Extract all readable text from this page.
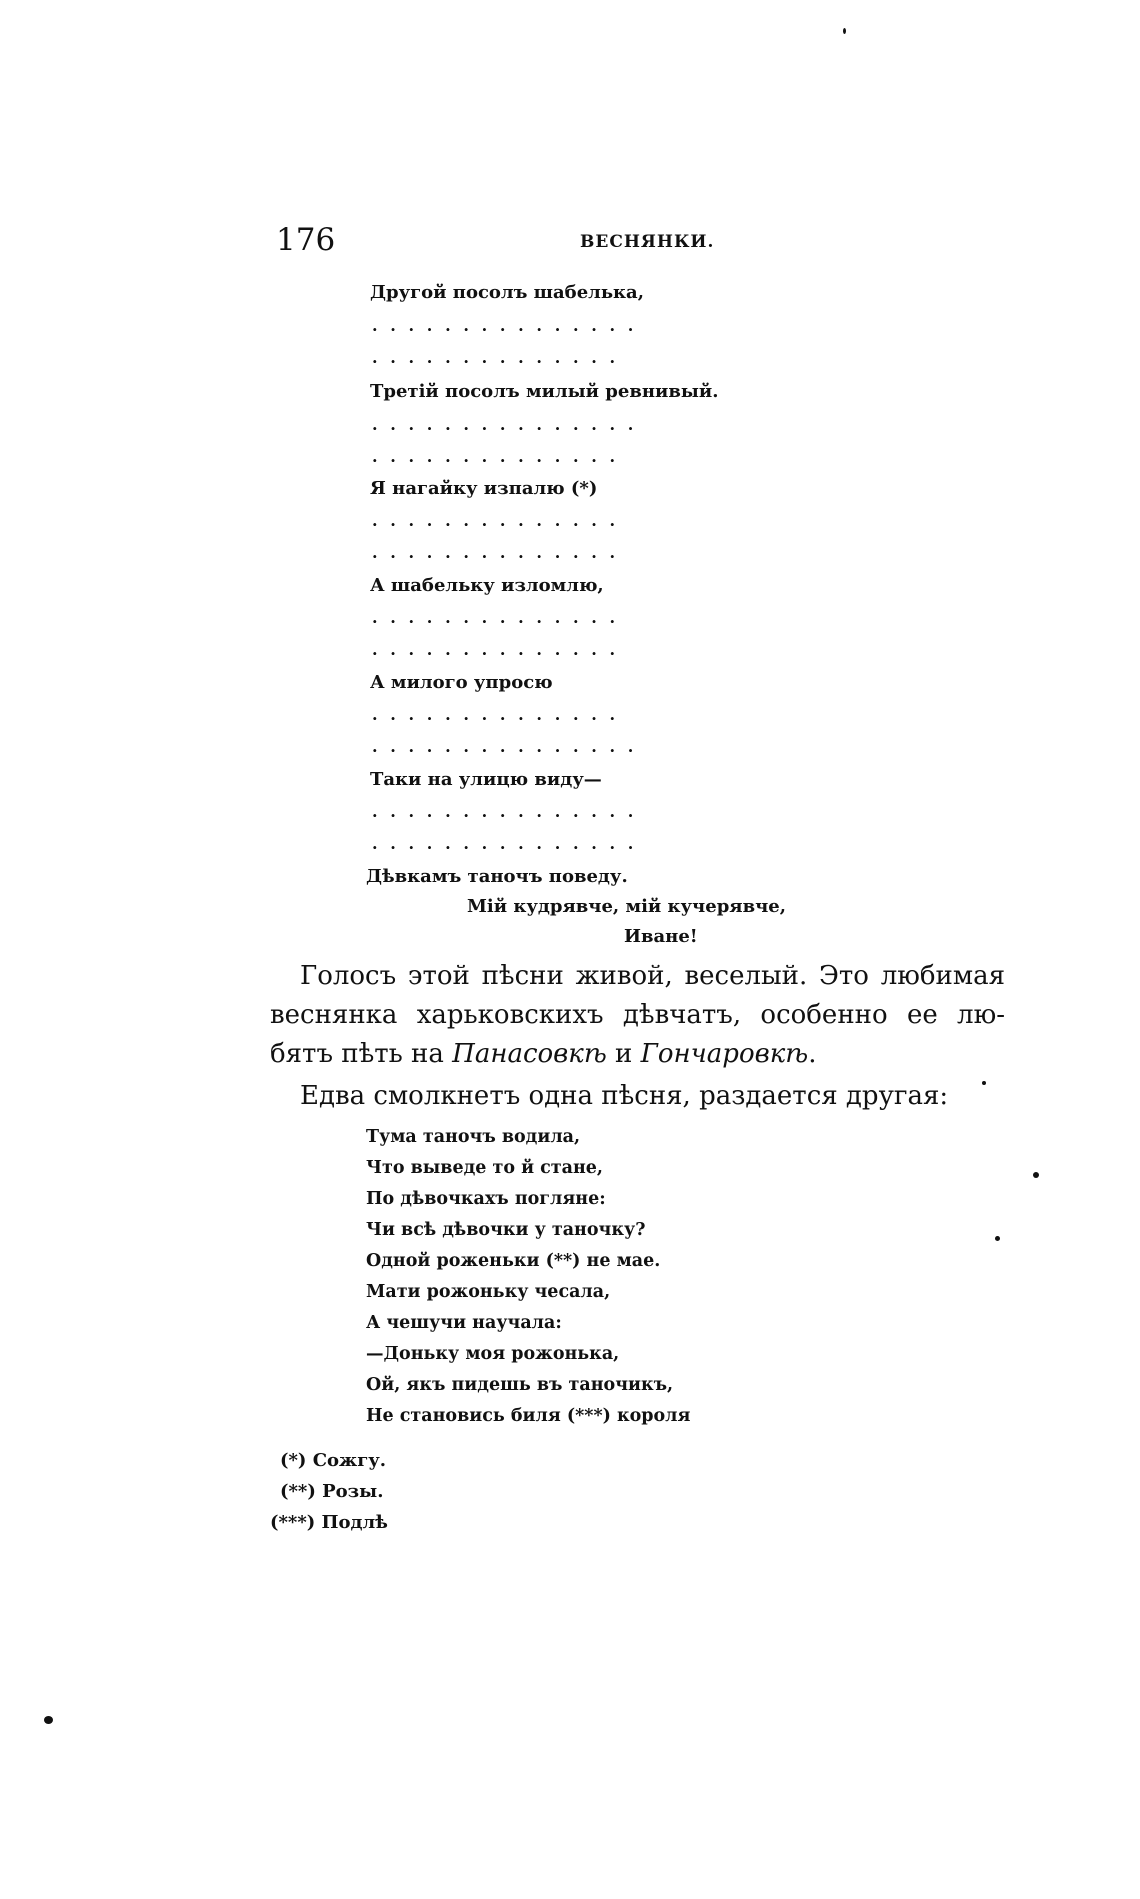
176	ВЕСНЯНКИ.
Другой посолъ шабелька,
...............
..............
Третій посолъ милый ревнивый.
...............
..............
Я нагайку изпалю (*)
..............
..............
А шабельку изломлю,
..............
..............
А милого упросю
..............
...............
Таки на улицю виду—
...............
...............
Дѣвкамъ таночъ поведу.
Мій кудрявче, мій кучерявче,
Иване!
Голосъ этой пѣсни живой, веселый. Это любимая
веснянка харьковскихъ дѣвчатъ, особенно ее лю-
бятъ пѣть на Панасовкѣ и Гончаровкѣ.
Едва смолкнетъ одна пѣсня, раздается другая:
Тума таночъ водила,
Что выведе то й стане,
По дѣвочкахъ погляне:
Чи всѣ дѣвочки у таночку?
Одной роженьки (**) не мае.
Мати рожоньку чесала,
А чешучи научала:
—Доньку моя рожонька,
Ой, якъ пидешь въ таночикъ,
Не становись биля (***) короля
(*) Сожгу.
(**) Розы.
(***) Подлѣ
